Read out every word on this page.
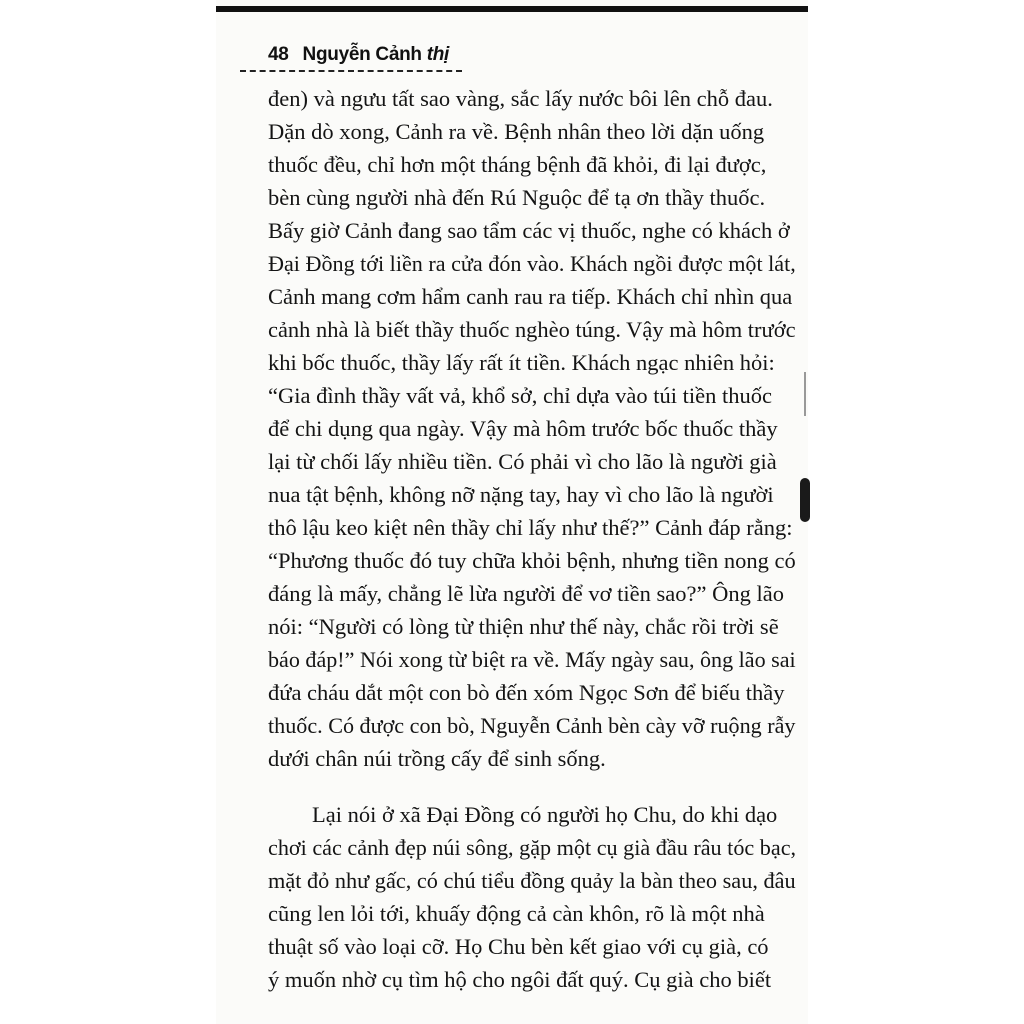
48 Nguyễn Cảnh thị
đen) và ngưu tất sao vàng, sắc lấy nước bôi lên chỗ đau.
Dặn dò xong, Cảnh ra về. Bệnh nhân theo lời dặn uống
thuốc đều, chỉ hơn một tháng bệnh đã khỏi, đi lại được,
bèn cùng người nhà đến Rú Nguộc để tạ ơn thầy thuốc.
Bấy giờ Cảnh đang sao tẩm các vị thuốc, nghe có khách ở
Đại Đồng tới liền ra cửa đón vào. Khách ngồi được một lát,
Cảnh mang cơm hẩm canh rau ra tiếp. Khách chỉ nhìn qua
cảnh nhà là biết thầy thuốc nghèo túng. Vậy mà hôm trước
khi bốc thuốc, thầy lấy rất ít tiền. Khách ngạc nhiên hỏi:
“Gia đình thầy vất vả, khổ sở, chỉ dựa vào túi tiền thuốc
để chi dụng qua ngày. Vậy mà hôm trước bốc thuốc thầy
lại từ chối lấy nhiều tiền. Có phải vì cho lão là người già
nua tật bệnh, không nỡ nặng tay, hay vì cho lão là người
thô lậu keo kiệt nên thầy chỉ lấy như thế?” Cảnh đáp rằng:
“Phương thuốc đó tuy chữa khỏi bệnh, nhưng tiền nong có
đáng là mấy, chẳng lẽ lừa người để vơ tiền sao?” Ông lão
nói: “Người có lòng từ thiện như thế này, chắc rồi trời sẽ
báo đáp!” Nói xong từ biệt ra về. Mấy ngày sau, ông lão sai
đứa cháu dắt một con bò đến xóm Ngọc Sơn để biếu thầy
thuốc. Có được con bò, Nguyễn Cảnh bèn cày vỡ ruộng rẫy
dưới chân núi trồng cấy để sinh sống.
Lại nói ở xã Đại Đồng có người họ Chu, do khi dạo
chơi các cảnh đẹp núi sông, gặp một cụ già đầu râu tóc bạc,
mặt đỏ như gấc, có chú tiểu đồng quảy la bàn theo sau, đâu
cũng len lỏi tới, khuấy động cả càn khôn, rõ là một nhà
thuật số vào loại cỡ. Họ Chu bèn kết giao với cụ già, có
ý muốn nhờ cụ tìm hộ cho ngôi đất quý. Cụ già cho biết
